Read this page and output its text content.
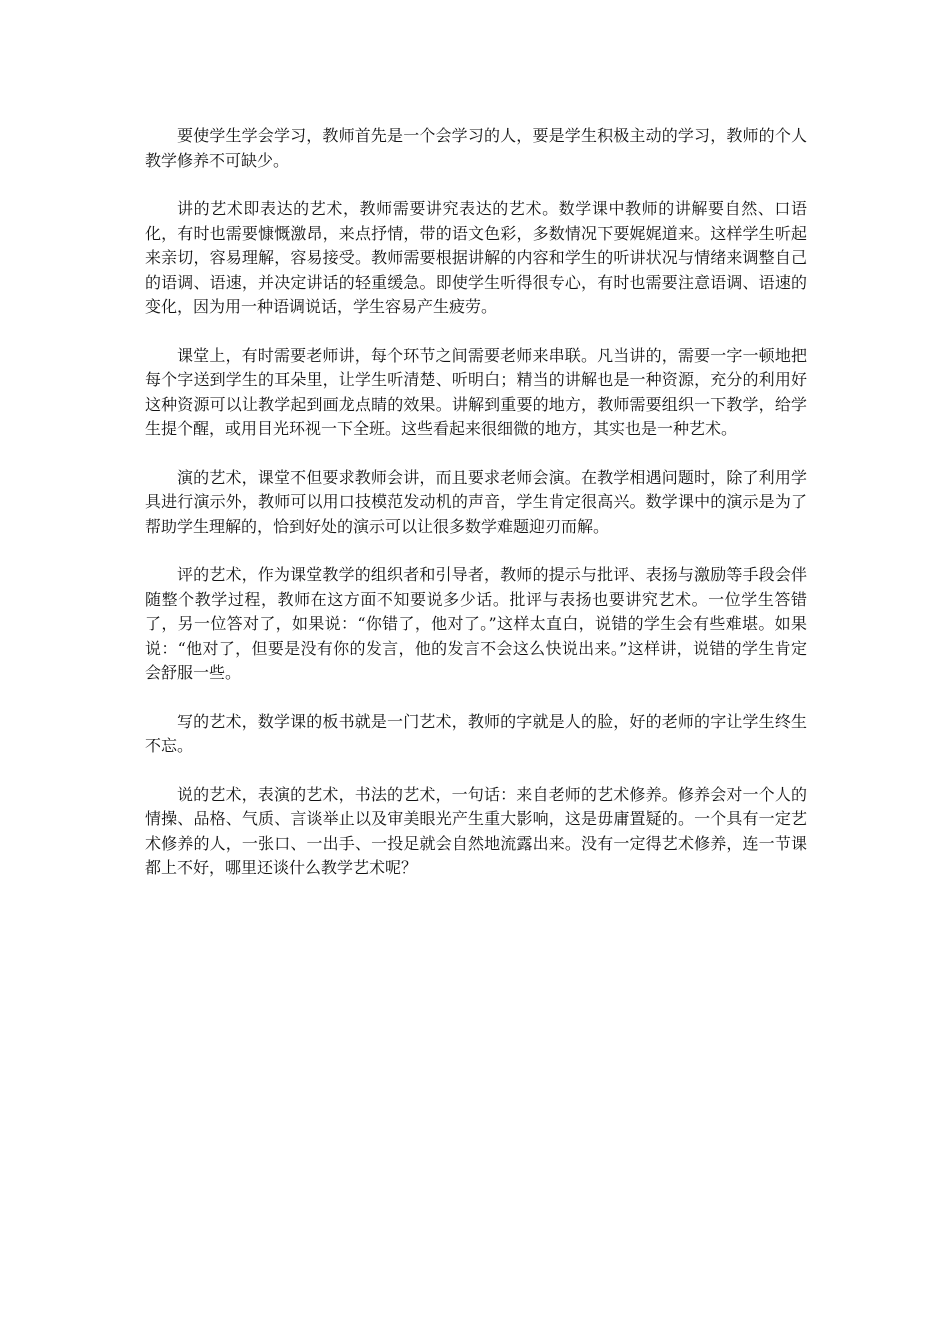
要使学生学会学习，教师首先是一个会学习的人，要是学生积极主动的学习，教师的个人教学修养不可缺少。

讲的艺术即表达的艺术，教师需要讲究表达的艺术。数学课中教师的讲解要自然、口语化，有时也需要慷慨激昂，来点抒情，带的语文色彩，多数情况下要娓娓道来。这样学生听起来亲切，容易理解，容易接受。教师需要根据讲解的内容和学生的听讲状况与情绪来调整自己的语调、语速，并决定讲话的轻重缓急。即使学生听得很专心，有时也需要注意语调、语速的变化，因为用一种语调说话，学生容易产生疲劳。

课堂上，有时需要老师讲，每个环节之间需要老师来串联。凡当讲的，需要一字一顿地把每个字送到学生的耳朵里，让学生听清楚、听明白；精当的讲解也是一种资源，充分的利用好这种资源可以让教学起到画龙点睛的效果。讲解到重要的地方，教师需要组织一下教学，给学生提个醒，或用目光环视一下全班。这些看起来很细微的地方，其实也是一种艺术。

演的艺术，课堂不但要求教师会讲，而且要求老师会演。在教学相遇问题时，除了利用学具进行演示外，教师可以用口技模范发动机的声音，学生肯定很高兴。数学课中的演示是为了帮助学生理解的，恰到好处的演示可以让很多数学难题迎刃而解。

评的艺术，作为课堂教学的组织者和引导者，教师的提示与批评、表扬与激励等手段会伴随整个教学过程，教师在这方面不知要说多少话。批评与表扬也要讲究艺术。一位学生答错了，另一位答对了，如果说：“你错了，他对了。”这样太直白，说错的学生会有些难堪。如果说：“他对了，但要是没有你的发言，他的发言不会这么快说出来。”这样讲，说错的学生肯定会舒服一些。

写的艺术，数学课的板书就是一门艺术，教师的字就是人的脸，好的老师的字让学生终生不忘。

说的艺术，表演的艺术，书法的艺术，一句话：来自老师的艺术修养。修养会对一个人的情操、品格、气质、言谈举止以及审美眼光产生重大影响，这是毋庸置疑的。一个具有一定艺术修养的人，一张口、一出手、一投足就会自然地流露出来。没有一定得艺术修养，连一节课都上不好，哪里还谈什么教学艺术呢？
